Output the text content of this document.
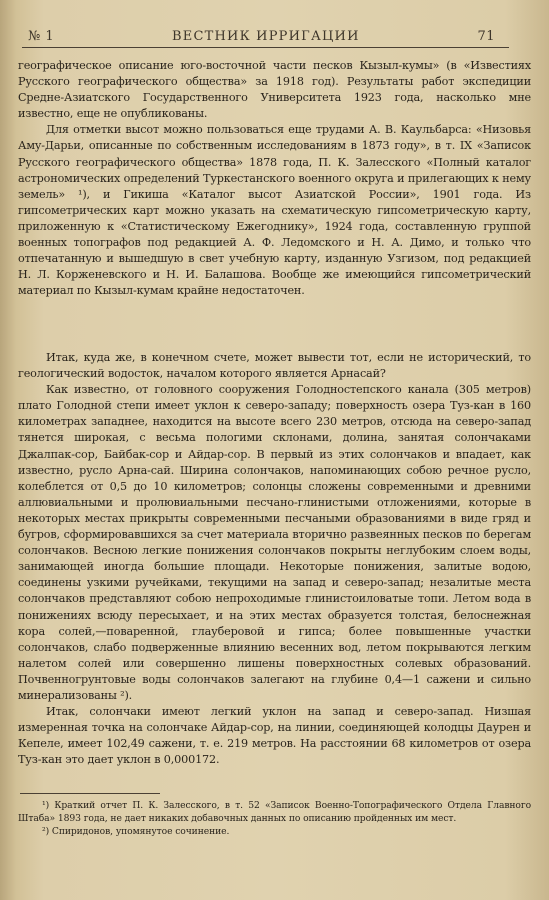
№ 1	ВЕСТНИК ИРРИГАЦИИ	71

географическое описание юго-восточной части песков Кызыл-кумы» (в «Известиях Русского географического общества» за 1918 год). Результаты работ экспедиции Средне-Азиатского Государственного Университета 1923 года, насколько мне известно, еще не опубликованы.

Для отметки высот можно пользоваться еще трудами А. В. Каульбарса: «Низовья Аму-Дарьи, описанные по собственным исследованиям в 1873 году», в т. IX «Записок Русского географического общества» 1878 года, П. К. Залесского «Полный каталог астрономических определений Туркестанского военного округа и прилегающих к нему земель» ¹), и Гикиша «Каталог высот Азиатской России», 1901 года. Из гипсометрических карт можно указать на схематическую гипсометрическую карту, приложенную к «Статистическому Ежегоднику», 1924 года, составленную группой военных топографов под редакцией А. Ф. Ледомского и Н. А. Димо, и только что отпечатанную и вышедшую в свет учебную карту, изданную Узгизом, под редакцией Н. Л. Корженевского и Н. И. Балашова. Вообще же имеющийся гипсометрический материал по Кызыл-кумам крайне недостаточен.

Итак, куда же, в конечном счете, может вывести тот, если не исторический, то геологический водосток, началом которого является Арнасай?

Как известно, от головного сооружения Голодностепского канала (305 метров) плато Голодной степи имеет уклон к северо-западу; поверхность озера Туз-кан в 160 километрах западнее, находится на высоте всего 230 метров, отсюда на северо-запад тянется широкая, с весьма пологими склонами, долина, занятая солончаками Джалпак-сор, Байбак-сор и Айдар-сор. В первый из этих солончаков и впадает, как известно, русло Арна-сай. Ширина солончаков, напоминающих собою речное русло, колеблется от 0,5 до 10 километров; солонцы сложены современными и древними аллювиальными и пролювиальными песчано-глинистыми отложениями, которые в некоторых местах прикрыты современными песчаными образованиями в виде гряд и бугров, сформировавшихся за счет материала вторично развеянных песков по берегам солончаков. Весною легкие понижения солончаков покрыты неглубоким слоем воды, занимающей иногда большие площади. Некоторые понижения, залитые водою, соединены узкими ручейками, текущими на запад и северо-запад; незалитые места солончаков представляют собою непроходимые глинистоиловатые топи. Летом вода в понижениях всюду пересыхает, и на этих местах образуется толстая, белоснежная кора солей,—поваренной, глауберовой и гипса; более повышенные участки солончаков, слабо подверженные влиянию весенних вод, летом покрываются легким налетом солей или совершенно лишены поверхностных солевых образований. Почвенногрунтовые воды солончаков залегают на глубине 0,4—1 сажени и сильно минерализованы ²).

Итак, солончаки имеют легкий уклон на запад и северо-запад. Низшая измеренная точка на солончаке Айдар-сор, на линии, соединяющей колодцы Даурен и Кепеле, имеет 102,49 сажени, т. е. 219 метров. На расстоянии 68 километров от озера Туз-кан это дает уклон в 0,000172.

¹) Краткий отчет П. К. Залесского, в т. 52 «Записок Военно-Топографического Отдела Главного Штаба» 1893 года, не дает никаких добавочных данных по описанию пройденных им мест.

²) Спиридонов, упомянутое сочинение.
